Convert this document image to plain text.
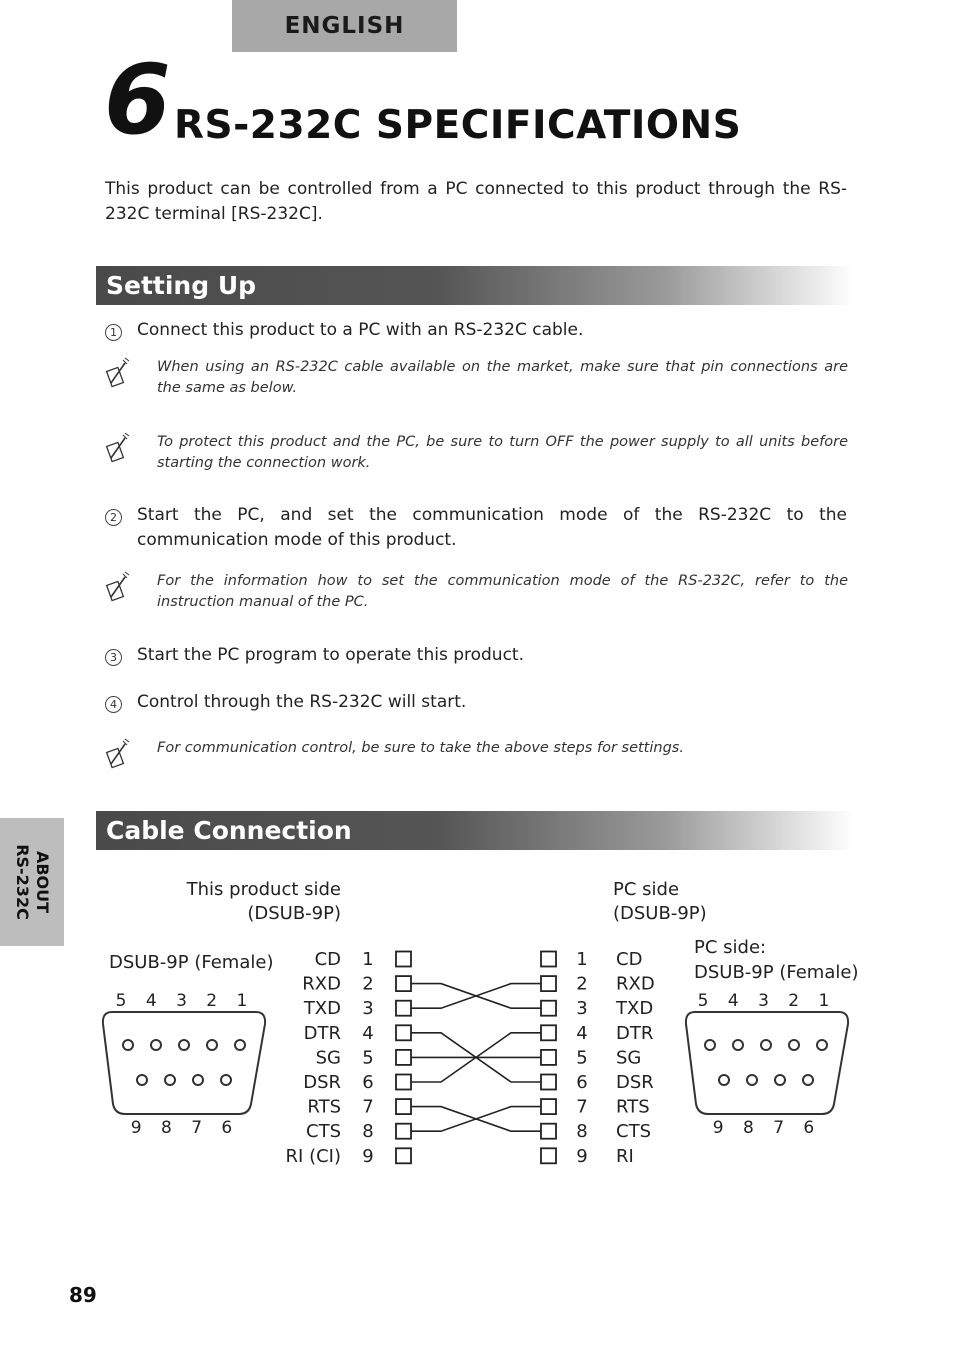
ENGLISH
6 RS-232C SPECIFICATIONS
This product can be controlled from a PC connected to this product through the RS-232C terminal [RS-232C].
Setting Up
1	Connect this product to a PC with an RS-232C cable.
When using an RS-232C cable available on the market, make sure that pin connections are the same as below.
To protect this product and the PC, be sure to turn OFF the power supply to all units before starting the connection work.
2	Start the PC, and set the communication mode of the RS-232C to the communication mode of this product.
For the information how to set the communication mode of the RS-232C, refer to the instruction manual of the PC.
3	Start the PC program to operate this product.
4	Control through the RS-232C will start.
For communication control, be sure to take the above steps for settings.
Cable Connection
This product side
(DSUB-9P)
PC side
(DSUB-9P)
DSUB-9P (Female)
PC side:
DSUB-9P (Female)
5 4 3 2 1
9 8 7 6
5 4 3 2 1
9 8 7 6
CD 1
RXD 2
TXD 3
DTR 4
SG 5
DSR 6
RTS 7
CTS 8
RI (CI) 9
1 CD
2 RXD
3 TXD
4 DTR
5 SG
6 DSR
7 RTS
8 CTS
9 RI
ABOUT
RS-232C
89
